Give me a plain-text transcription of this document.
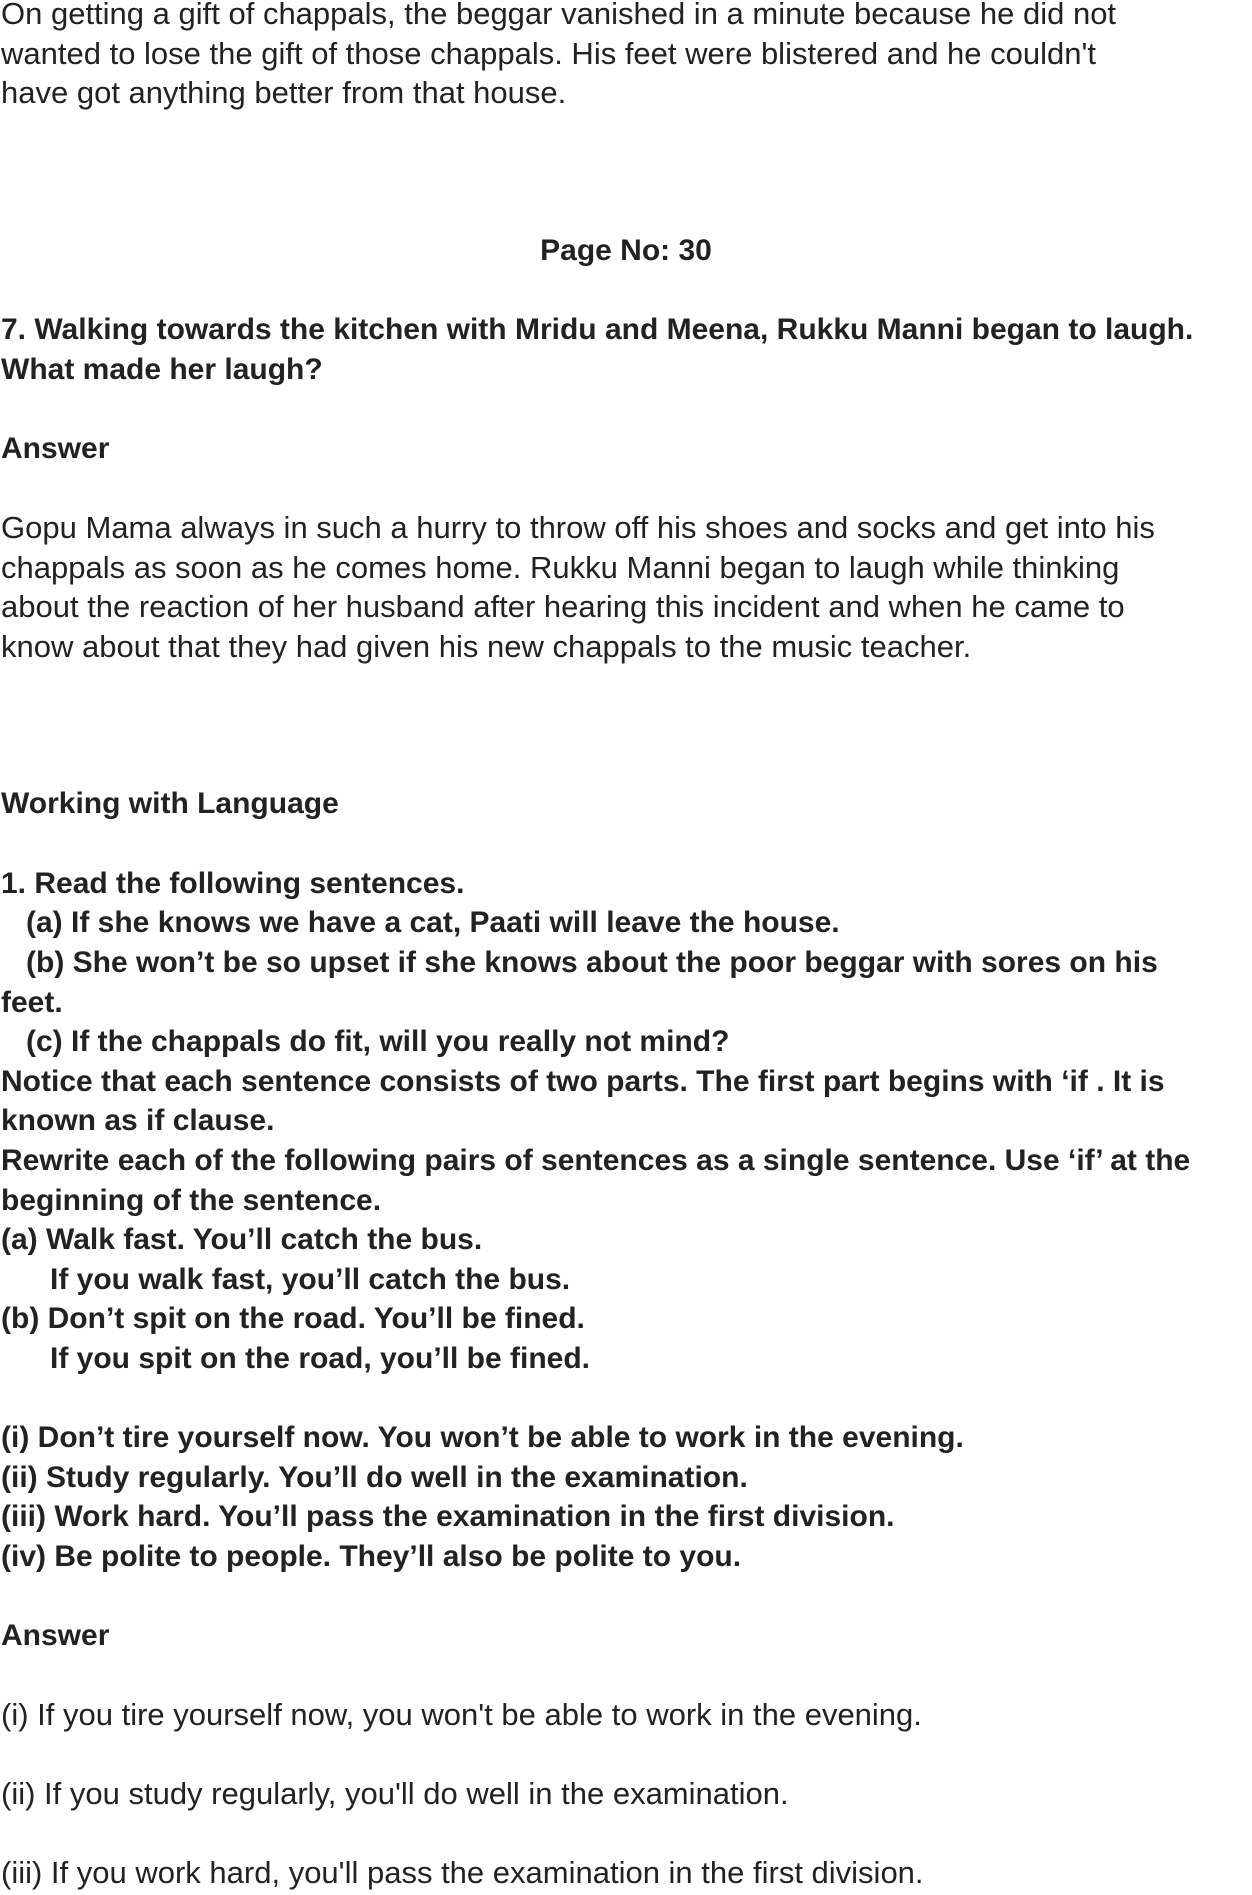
On getting a gift of chappals, the beggar vanished in a minute because he did not

wanted to lose the gift of those chappals. His feet were blistered and he couldn't

have got anything better from that house.

Page No: 30

7. Walking towards the kitchen with Mridu and Meena, Rukku Manni began to laugh.

What made her laugh?

Answer

Gopu Mama always in such a hurry to throw off his shoes and socks and get into his

chappals as soon as he comes home. Rukku Manni began to laugh while thinking

about the reaction of her husband after hearing this incident and when he came to

know about that they had given his new chappals to the music teacher.

Working with Language

1. Read the following sentences.

(a) If she knows we have a cat, Paati will leave the house.

(b) She won’t be so upset if she knows about the poor beggar with sores on his

feet.

(c) If the chappals do fit, will you really not mind?

Notice that each sentence consists of two parts. The first part begins with ‘if . It is

known as if clause.

Rewrite each of the following pairs of sentences as a single sentence. Use ‘if’ at the

beginning of the sentence.

(a) Walk fast. You’ll catch the bus.

If you walk fast, you’ll catch the bus.

(b) Don’t spit on the road. You’ll be fined.

If you spit on the road, you’ll be fined.

(i) Don’t tire yourself now. You won’t be able to work in the evening.

(ii) Study regularly. You’ll do well in the examination.

(iii) Work hard. You’ll pass the examination in the first division.

(iv) Be polite to people. They’ll also be polite to you.

Answer

(i) If you tire yourself now, you won't be able to work in the evening.

(ii) If you study regularly, you'll do well in the examination.

(iii) If you work hard, you'll pass the examination in the first division.
